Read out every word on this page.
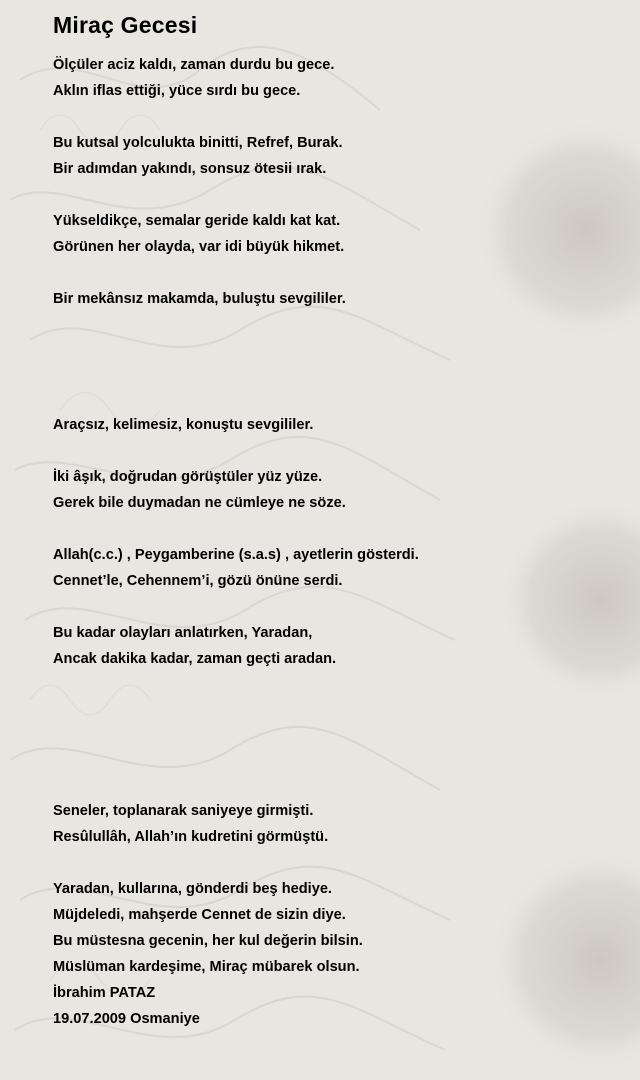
Miraç Gecesi

Ölçüler aciz kaldı, zaman durdu bu gece.

Aklın iflas ettiği, yüce sırdı bu gece.

Bu kutsal yolculukta binitti, Refref, Burak.

Bir adımdan yakındı, sonsuz ötesii ırak.

Yükseldikçe, semalar geride kaldı kat kat.

Görünen her olayda, var idi büyük hikmet.

Bir mekânsız makamda, buluştu sevgililer.

Araçsız, kelimesiz, konuştu sevgililer.

İki âşık, doğrudan görüştüler yüz yüze.

Gerek bile duymadan ne cümleye ne söze.

Allah(c.c.) , Peygamberine (s.a.s) , ayetlerin gösterdi.

Cennet’le, Cehennem’i, gözü önüne serdi.

Bu kadar olayları anlatırken, Yaradan,

Ancak dakika kadar, zaman geçti aradan.

Seneler, toplanarak saniyeye girmişti.

Resûlullâh, Allah’ın kudretini görmüştü.

Yaradan, kullarına, gönderdi beş hediye.

Müjdeledi, mahşerde Cennet de sizin diye.

Bu müstesna gecenin, her kul değerin bilsin.

Müslüman kardeşime, Miraç mübarek olsun.

İbrahim PATAZ

19.07.2009 Osmaniye
